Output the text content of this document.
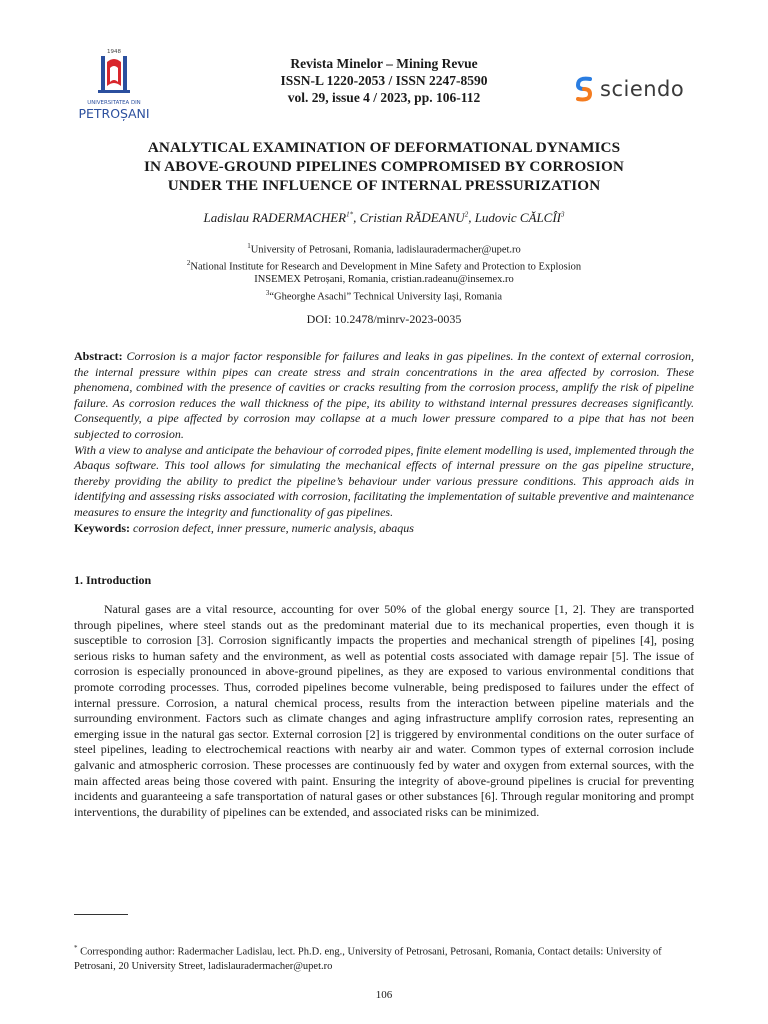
1948
UNIVERSITATEA DIN
PETROȘANI
Revista Minelor – Mining Revue
ISSN-L 1220-2053 / ISSN 2247-8590
vol. 29, issue 4 / 2023, pp. 106-112	sciendo
ANALYTICAL EXAMINATION OF DEFORMATIONAL DYNAMICS
IN ABOVE-GROUND PIPELINES COMPROMISED BY CORROSION
UNDER THE INFLUENCE OF INTERNAL PRESSURIZATION
Ladislau $RADERMACHER^{1*}$, Cristian RĂDEANU$^2$, Ludovic CĂLCÎI$^3$
$^1$University of Petrosani, Romania, ladislauradermacher@upet.ro
$^2$National Institute for Research and Development in Mine Safety and Protection to Explosion
INSEMEX Petroșani, Romania, cristian.radeanu@insemex.ro
$^3$“Gheorghe Asachi” Technical University Iași, Romania
DOI: 10.2478/minrv-2023-0035
Abstract: Corrosion is a major factor responsible for failures and leaks in gas pipelines. In the context of external corrosion, the internal pressure within pipes can create stress and strain concentrations in the area affected by corrosion. These phenomena, combined with the presence of cavities or cracks resulting from the corrosion process, amplify the risk of pipeline failure. As corrosion reduces the wall thickness of the pipe, its ability to withstand internal pressures decreases significantly. Consequently, a pipe affected by corrosion may collapse at a much lower pressure compared to a pipe that has not been subjected to corrosion.
With a view to analyse and anticipate the behaviour of corroded pipes, finite element modelling is used, implemented through the Abaqus software. This tool allows for simulating the mechanical effects of internal pressure on the gas pipeline structure, thereby providing the ability to predict the pipeline’s behaviour under various pressure conditions. This approach aids in identifying and assessing risks associated with corrosion, facilitating the implementation of suitable preventive and maintenance measures to ensure the integrity and functionality of gas pipelines.
Keywords: corrosion defect, inner pressure, numeric analysis, abaqus
1. Introduction
Natural gases are a vital resource, accounting for over 50% of the global energy source [1, 2]. They are transported through pipelines, where steel stands out as the predominant material due to its mechanical properties, even though it is susceptible to corrosion [3]. Corrosion significantly impacts the properties and mechanical strength of pipelines [4], posing serious risks to human safety and the environment, as well as potential costs associated with damage repair [5]. The issue of corrosion is especially pronounced in above-ground pipelines, as they are exposed to various environmental conditions that promote corroding processes. Thus, corroded pipelines become vulnerable, being predisposed to failures under the effect of internal pressure. Corrosion, a natural chemical process, results from the interaction between pipeline materials and the surrounding environment. Factors such as climate changes and aging infrastructure amplify corrosion rates, representing an emerging issue in the natural gas sector. External corrosion [2] is triggered by environmental conditions on the outer surface of steel pipelines, leading to electrochemical reactions with nearby air and water. Common types of external corrosion include galvanic and atmospheric corrosion. These processes are continuously fed by water and oxygen from external sources, with the main affected areas being those covered with paint. Ensuring the integrity of above-ground pipelines is crucial for preventing incidents and guaranteeing a safe transportation of natural gases or other substances [6]. Through regular monitoring and prompt interventions, the durability of pipelines can be extended, and associated risks can be minimized.
* Corresponding author: Radermacher Ladislau, lect. Ph.D. eng., University of Petrosani, Petrosani, Romania, Contact details: University of Petrosani, 20 University Street, ladislauradermacher@upet.ro
106
